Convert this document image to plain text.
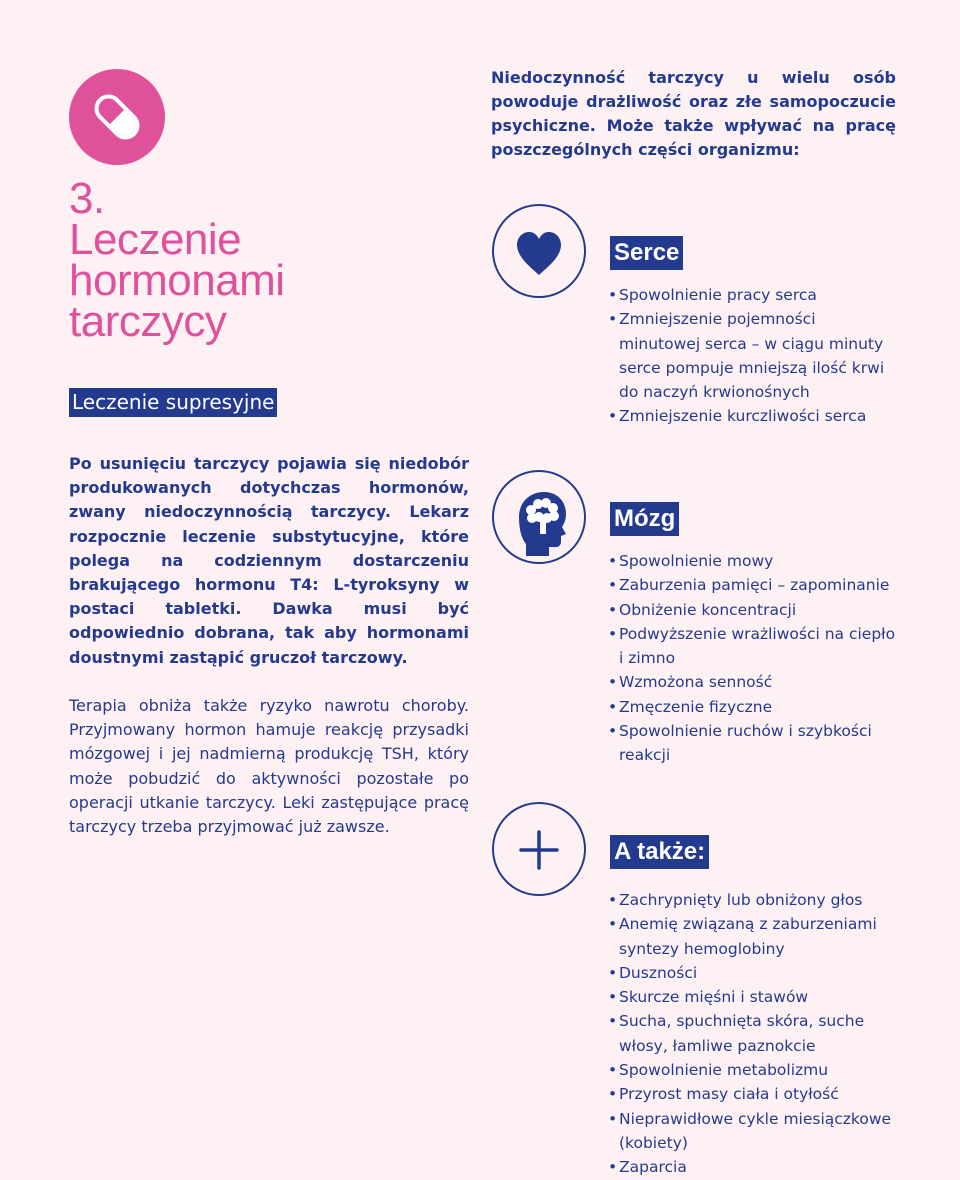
3.
Leczenie
hormonami
tarczycy
Leczenie supresyjne

Po usunięciu tarczycy pojawia się niedobór produkowanych dotychczas hormonów, zwany niedoczynnością tarczycy. Lekarz rozpocznie leczenie substytucyjne, które polega na codziennym dostarczeniu brakującego hormonu T4: L-tyroksyny w postaci tabletki. Dawka musi być odpowiednio dobrana, tak aby hormonami doustnymi zastąpić gruczoł tarczowy.

Terapia obniża także ryzyko nawrotu choroby. Przyjmowany hormon hamuje reakcję przysadki mózgowej i jej nadmierną produkcję TSH, który może pobudzić do aktywności pozostałe po operacji utkanie tarczycy. Leki zastępujące pracę tarczycy trzeba przyjmować już zawsze.

Niedoczynność tarczycy u wielu osób powoduje drażliwość oraz złe samopoczucie psychiczne. Może także wpływać na pracę poszczególnych części organizmu:

Serce
• Spowolnienie pracy serca
• Zmniejszenie pojemności minutowej serca – w ciągu minuty serce pompuje mniejszą ilość krwi do naczyń krwionośnych
• Zmniejszenie kurczliwości serca
Mózg
• Spowolnienie mowy
• Zaburzenia pamięci – zapominanie
• Obniżenie koncentracji
• Podwyższenie wrażliwości na ciepło i zimno
• Wzmożona senność
• Zmęczenie fizyczne
• Spowolnienie ruchów i szybkości reakcji
A także:
• Zachrypnięty lub obniżony głos
• Anemię związaną z zaburzeniami syntezy hemoglobiny
• Duszności
• Skurcze mięśni i stawów
• Sucha, spuchnięta skóra, suche włosy, łamliwe paznokcie
• Spowolnienie metabolizmu
• Przyrost masy ciała i otyłość
• Nieprawidłowe cykle miesiączkowe (kobiety)
• Zaparcia
